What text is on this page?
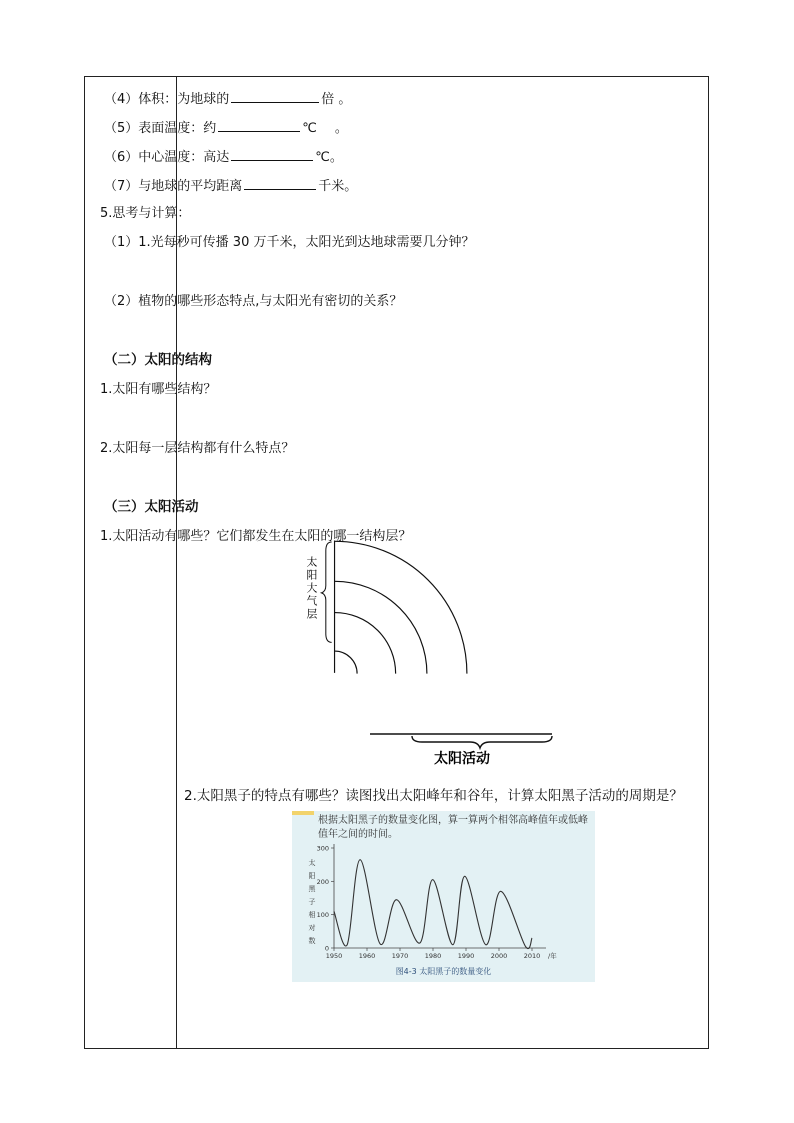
（4）体积：为地球的	倍 。
（5）表面温度：约	℃ 。
（6）中心温度：高达	℃。
（7）与地球的平均距离	千米。
5.思考与计算：
（1）1.光每秒可传播 30 万千米，太阳光到达地球需要几分钟？
（2）植物的哪些形态特点,与太阳光有密切的关系？
（二）太阳的结构
1.太阳有哪些结构？
2.太阳每一层结构都有什么特点？
（三）太阳活动
1.太阳活动有哪些？它们都发生在太阳的哪一结构层？
太
阳
大
气
层
太阳活动
2.太阳黑子的特点有哪些？读图找出太阳峰年和谷年，计算太阳黑子活动的周期是？
根据太阳黑子的数量变化图，算一算两个相邻高峰值年或低峰值年之间的时间。
0
100
200
300
1950	1960	1970	1980	1990	2000	2010 /年
太
阳
黑
子
相
对
数
图4-3 太阳黑子的数量变化
